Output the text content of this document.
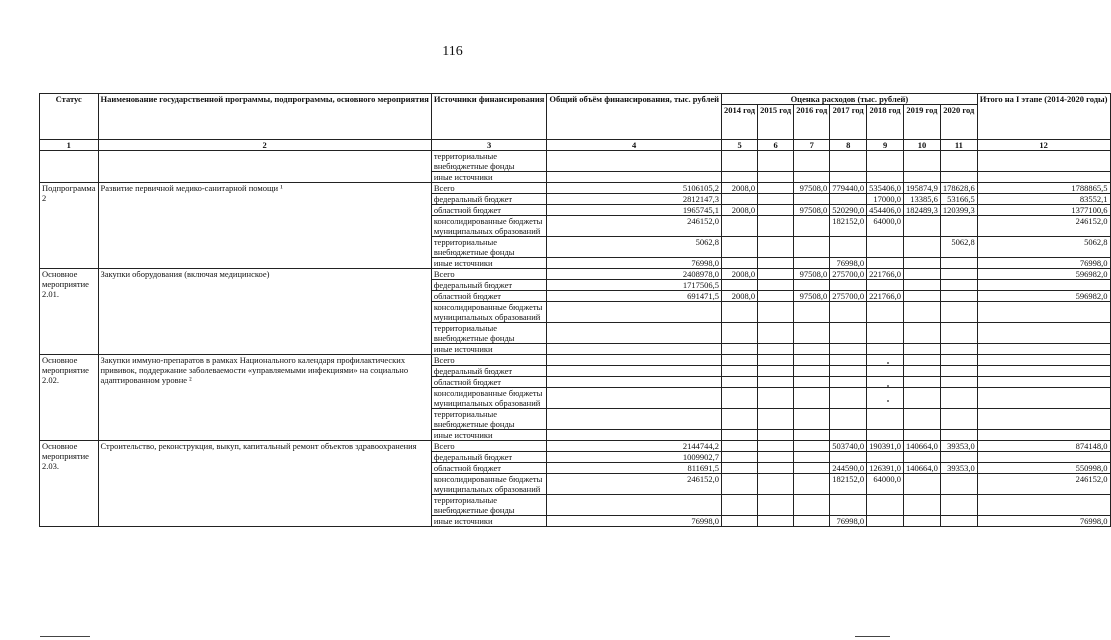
116
Статус	Наименование государственной программы, подпрограммы, основного мероприятия	Источники финансирования	Общий объём финансирования, тыс. рублей	Оценка расходов (тыс. рублей)							Итого на I этапе (2014-2020 годы)
				2014 год	2015 год	2016 год	2017 год	2018 год	2019 год	2020 год	
1	2	3	4	5	6	7	8	9	10	11	12
		территориальные внебюджетные фонды									
		иные источники									
Подпрограмма 2	Развитие первичной медико-санитарной помощи ¹	Всего	5106105,2	2008,0		97508,0	779440,0	535406,0	195874,9	178628,6	1788865,5
		федеральный бюджет	2812147,3					17000,0	13385,6	53166,5	83552,1
		областной бюджет	1965745,1	2008,0		97508,0	520290,0	454406,0	182489,3	120399,3	1377100,6
		консолидированные бюджеты муниципальных образований	246152,0				182152,0	64000,0			246152,0
		территориальные внебюджетные фонды	5062,8							5062,8	5062,8
		иные источники	76998,0				76998,0				76998,0
Основное мероприятие 2.01.	Закупки оборудования (включая медицинское)	Всего	2408978,0	2008,0		97508,0	275700,0	221766,0			596982,0
		федеральный бюджет	1717506,5								
		областной бюджет	691471,5	2008,0		97508,0	275700,0	221766,0			596982,0
		консолидированные бюджеты муниципальных образований									
		территориальные внебюджетные фонды									
		иные источники									
Основное мероприятие 2.02.	Закупки иммуно-препаратов в рамках Национального календаря профилактических прививок, поддержание заболеваемости «управляемыми инфекциями» на социально адаптированном уровне ²	Всего									
		федеральный бюджет									
		областной бюджет									
		консолидированные бюджеты муниципальных образований									
		территориальные внебюджетные фонды									
		иные источники									
Основное мероприятие 2.03.	Строительство, реконструкция, выкуп, капитальный ремонт объектов здравоохранения	Всего	2144744,2				503740,0	190391,0	140664,0	39353,0	874148,0
		федеральный бюджет	1009902,7								
		областной бюджет	811691,5				244590,0	126391,0	140664,0	39353,0	550998,0
		консолидированные бюджеты муниципальных образований	246152,0				182152,0	64000,0			246152,0
		территориальные внебюджетные фонды									
		иные источники	76998,0				76998,0				76998,0
